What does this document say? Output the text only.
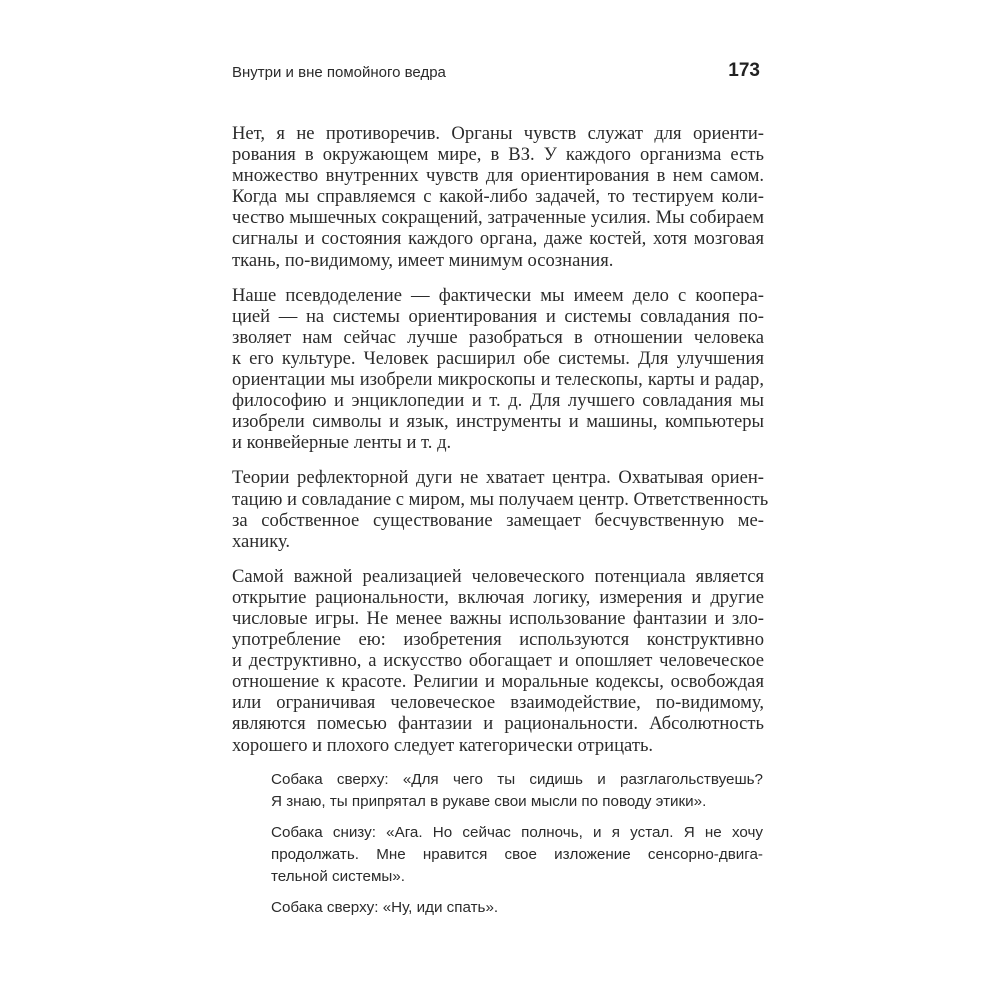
Внутри и вне помойного ведра	173
Нет, я не противоречив. Органы чувств служат для ориенти-
рования в окружающем мире, в ВЗ. У каждого организма есть
множество внутренних чувств для ориентирования в нем самом.
Когда мы справляемся с какой-либо задачей, то тестируем коли-
чество мышечных сокращений, затраченные усилия. Мы собираем
сигналы и состояния каждого органа, даже костей, хотя мозговая
ткань, по-видимому, имеет минимум осознания.
Наше псевдоделение — фактически мы имеем дело с коопера-
цией — на системы ориентирования и системы совладания по-
зволяет нам сейчас лучше разобраться в отношении человека
к его культуре. Человек расширил обе системы. Для улучшения
ориентации мы изобрели микроскопы и телескопы, карты и радар,
философию и энциклопедии и т. д. Для лучшего совладания мы
изобрели символы и язык, инструменты и машины, компьютеры
и конвейерные ленты и т. д.
Теории рефлекторной дуги не хватает центра. Охватывая ориен-
тацию и совладание с миром, мы получаем центр. Ответственность
за собственное существование замещает бесчувственную ме-
ханику.
Самой важной реализацией человеческого потенциала является
открытие рациональности, включая логику, измерения и другие
числовые игры. Не менее важны использование фантазии и зло-
употребление ею: изобретения используются конструктивно
и деструктивно, а искусство обогащает и опошляет человеческое
отношение к красоте. Религии и моральные кодексы, освобождая
или ограничивая человеческое взаимодействие, по-видимому,
являются помесью фантазии и рациональности. Абсолютность
хорошего и плохого следует категорически отрицать.
Собака сверху: «Для чего ты сидишь и разглагольствуешь?
Я знаю, ты припрятал в рукаве свои мысли по поводу этики».
Собака снизу: «Ага. Но сейчас полночь, и я устал. Я не хочу
продолжать. Мне нравится свое изложение сенсорно-двига-
тельной системы».
Собака сверху: «Ну, иди спать».
